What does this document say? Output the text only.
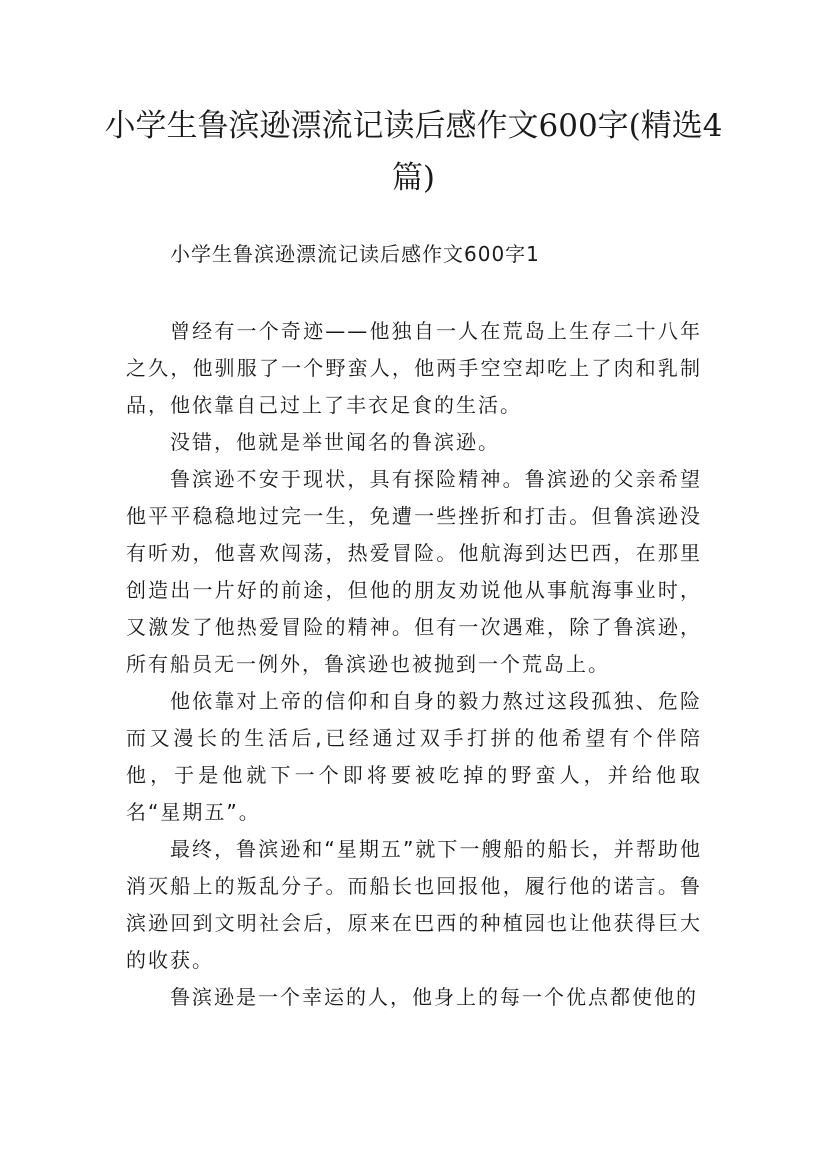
小学生鲁滨逊漂流记读后感作文600字(精选4篇)
小学生鲁滨逊漂流记读后感作文600字1

曾经有一个奇迹——他独自一人在荒岛上生存二十八年之久，他驯服了一个野蛮人，他两手空空却吃上了肉和乳制品，他依靠自己过上了丰衣足食的生活。

没错，他就是举世闻名的鲁滨逊。

鲁滨逊不安于现状，具有探险精神。鲁滨逊的父亲希望他平平稳稳地过完一生，免遭一些挫折和打击。但鲁滨逊没有听劝，他喜欢闯荡，热爱冒险。他航海到达巴西，在那里创造出一片好的前途，但他的朋友劝说他从事航海事业时，又激发了他热爱冒险的精神。但有一次遇难，除了鲁滨逊，所有船员无一例外，鲁滨逊也被抛到一个荒岛上。

他依靠对上帝的信仰和自身的毅力熬过这段孤独、危险而又漫长的生活后,已经通过双手打拼的他希望有个伴陪他，于是他就下一个即将要被吃掉的野蛮人，并给他取名“星期五”。

最终，鲁滨逊和“星期五”就下一艘船的船长，并帮助他消灭船上的叛乱分子。而船长也回报他，履行他的诺言。鲁滨逊回到文明社会后，原来在巴西的种植园也让他获得巨大的收获。

鲁滨逊是一个幸运的人，他身上的每一个优点都使他的
